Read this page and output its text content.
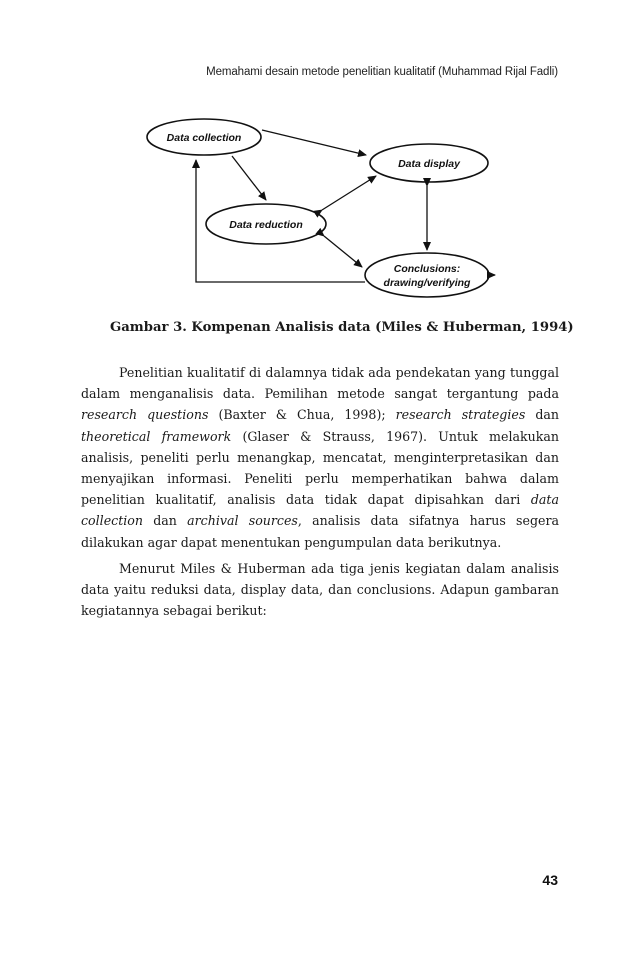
Memahami desain metode penelitian kualitatif (Muhammad Rijal Fadli)
Data collection
Data display
Data reduction
Conclusions:
drawing/verifying
Gambar 3. Kompenan Analisis data (Miles & Huberman, 1994)

Penelitian kualitatif di dalamnya tidak ada pendekatan yang tunggal dalam menganalisis data. Pemilihan metode sangat tergantung pada research questions (Baxter & Chua, 1998); research strategies dan theoretical framework (Glaser & Strauss, 1967). Untuk melakukan analisis, peneliti perlu menangkap, mencatat, menginterpretasikan dan menyajikan informasi. Peneliti perlu memperhatikan bahwa dalam penelitian kualitatif, analisis data tidak dapat dipisahkan dari data collection dan archival sources, analisis data sifatnya harus segera dilakukan agar dapat menentukan pengumpulan data berikutnya.

Menurut Miles & Huberman ada tiga jenis kegiatan dalam analisis data yaitu reduksi data, display data, dan conclusions. Adapun gambaran kegiatannya sebagai berikut:

43
